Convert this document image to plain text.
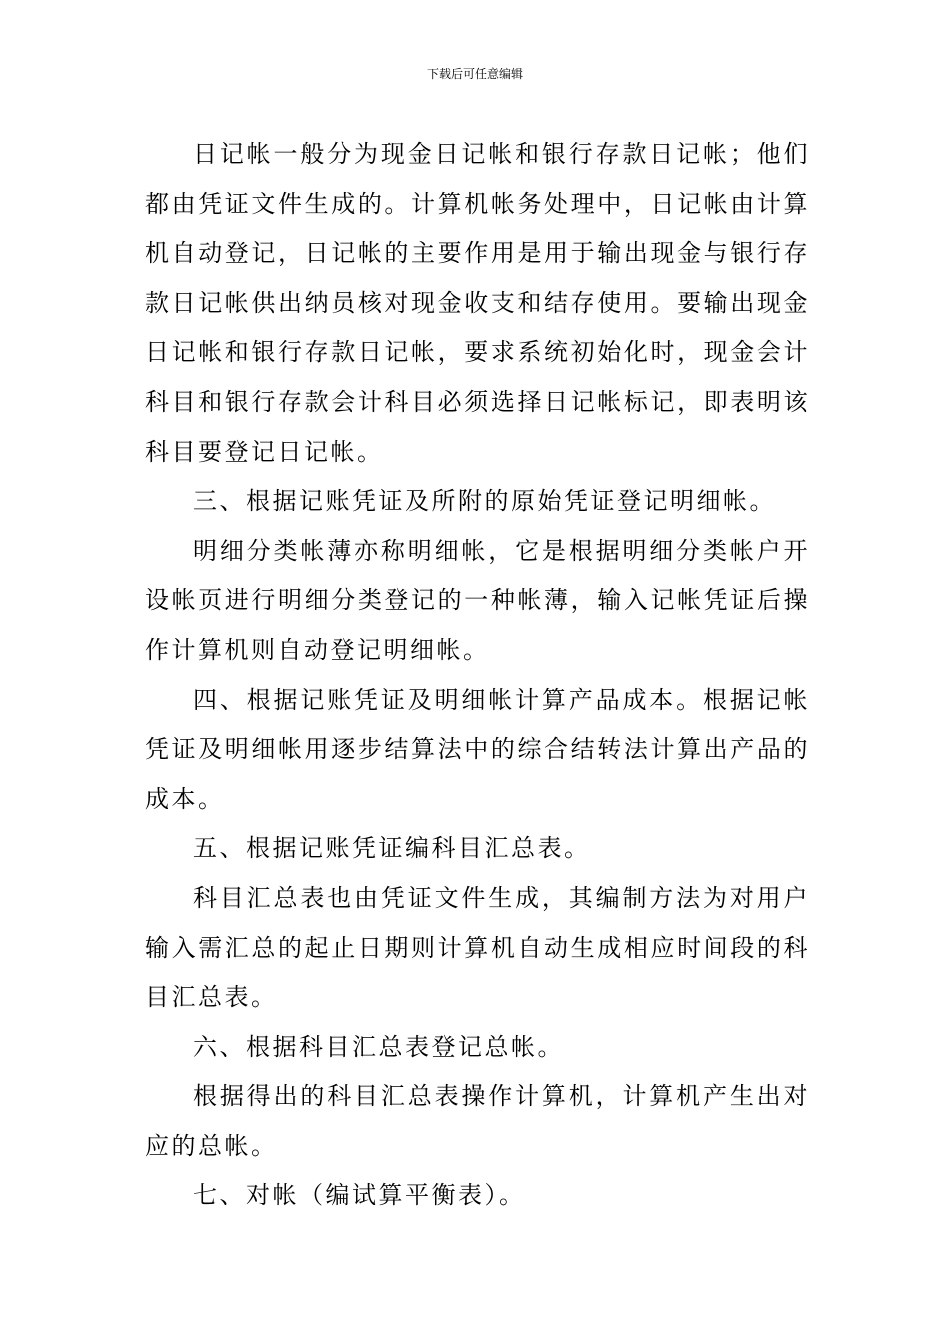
下载后可任意编辑

日记帐一般分为现金日记帐和银行存款日记帐；他们都由凭证文件生成的。计算机帐务处理中，日记帐由计算机自动登记，日记帐的主要作用是用于输出现金与银行存款日记帐供出纳员核对现金收支和结存使用。要输出现金日记帐和银行存款日记帐，要求系统初始化时，现金会计科目和银行存款会计科目必须选择日记帐标记，即表明该科目要登记日记帐。

三、根据记账凭证及所附的原始凭证登记明细帐。

明细分类帐薄亦称明细帐，它是根据明细分类帐户开设帐页进行明细分类登记的一种帐薄，输入记帐凭证后操作计算机则自动登记明细帐。

四、根据记账凭证及明细帐计算产品成本。根据记帐凭证及明细帐用逐步结算法中的综合结转法计算出产品的成本。

五、根据记账凭证编科目汇总表。

科目汇总表也由凭证文件生成，其编制方法为对用户输入需汇总的起止日期则计算机自动生成相应时间段的科目汇总表。

六、根据科目汇总表登记总帐。

根据得出的科目汇总表操作计算机，计算机产生出对应的总帐。

七、对帐（编试算平衡表）。
